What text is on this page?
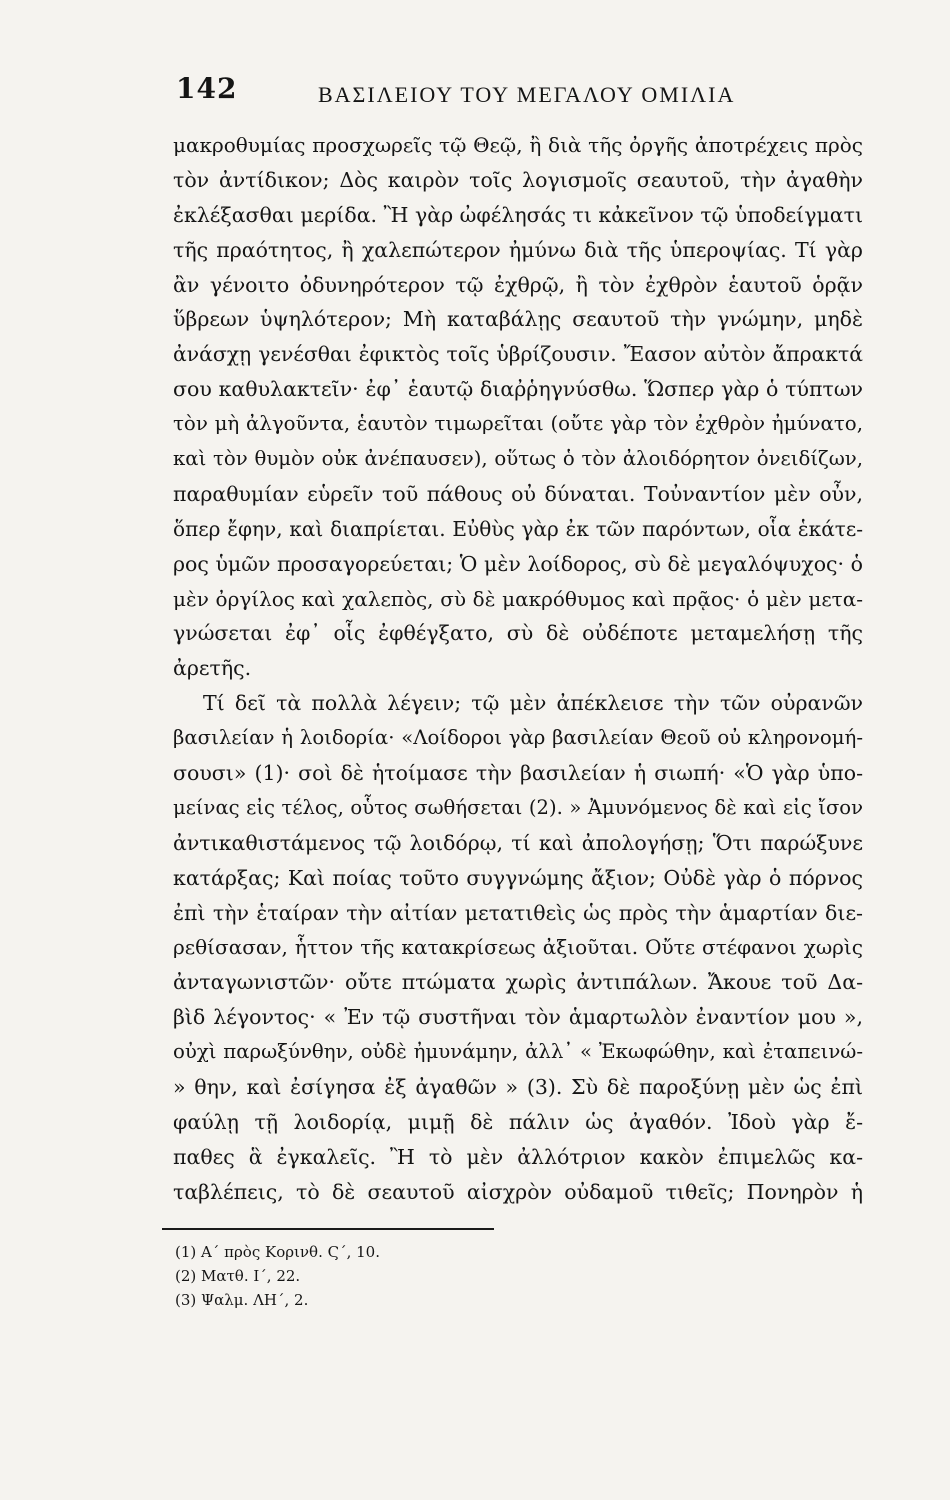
142	ΒΑΣΙΛΕΙΟΥ ΤΟΥ ΜΕΓΑΛΟΥ ΟΜΙΛΙΑ
μακροθυμίας προσχωρεῖς τῷ Θεῷ, ἢ διὰ τῆς ὀργῆς ἀποτρέχεις πρὸς
τὸν ἀντίδικον; Δὸς καιρὸν τοῖς λογισμοῖς σεαυτοῦ, τὴν ἀγαθὴν
ἐκλέξασθαι μερίδα. Ἢ γὰρ ὠφέλησάς τι κἀκεῖνον τῷ ὑποδείγματι
τῆς πραότητος, ἢ χαλεπώτερον ἠμύνω διὰ τῆς ὑπεροψίας. Τί γὰρ
ἂν γένοιτο ὀδυνηρότερον τῷ ἐχθρῷ, ἢ τὸν ἐχθρὸν ἑαυτοῦ ὁρᾷν
ὕβρεων ὑψηλότερον; Μὴ καταβάλῃς σεαυτοῦ τὴν γνώμην, μηδὲ
ἀνάσχῃ γενέσθαι ἐφικτὸς τοῖς ὑβρίζουσιν. Ἔασον αὐτὸν ἄπρακτά
σου καθυλακτεῖν· ἐφ᾽ ἑαυτῷ διαῤῥηγνύσθω. Ὥσπερ γὰρ ὁ τύπτων
τὸν μὴ ἀλγοῦντα, ἑαυτὸν τιμωρεῖται (οὔτε γὰρ τὸν ἐχθρὸν ἠμύνατο,
καὶ τὸν θυμὸν οὐκ ἀνέπαυσεν), οὕτως ὁ τὸν ἀλοιδόρητον ὀνειδίζων,
παραθυμίαν εὑρεῖν τοῦ πάθους οὐ δύναται. Τοὐναντίον μὲν οὖν,
ὅπερ ἔφην, καὶ διαπρίεται. Εὐθὺς γὰρ ἐκ τῶν παρόντων, οἷα ἑκάτε-
ρος ὑμῶν προσαγορεύεται; Ὁ μὲν λοίδορος, σὺ δὲ μεγαλόψυχος· ὁ
μὲν ὀργίλος καὶ χαλεπὸς, σὺ δὲ μακρόθυμος καὶ πρᾷος· ὁ μὲν μετα-
γνώσεται ἐφ᾽ οἷς ἐφθέγξατο, σὺ δὲ οὐδέποτε μεταμελήσῃ τῆς
ἀρετῆς.
Τί δεῖ τὰ πολλὰ λέγειν; τῷ μὲν ἀπέκλεισε τὴν τῶν οὐρανῶν
βασιλείαν ἡ λοιδορία· «Λοίδοροι γὰρ βασιλείαν Θεοῦ οὐ κληρονομή-
σουσι» (1)· σοὶ δὲ ἡτοίμασε τὴν βασιλείαν ἡ σιωπή· «Ὁ γὰρ ὑπο-
μείνας εἰς τέλος, οὗτος σωθήσεται (2). » Ἀμυνόμενος δὲ καὶ εἰς ἴσον
ἀντικαθιστάμενος τῷ λοιδόρῳ, τί καὶ ἀπολογήσῃ; Ὅτι παρώξυνε
κατάρξας; Καὶ ποίας τοῦτο συγγνώμης ἄξιον; Οὐδὲ γὰρ ὁ πόρνος
ἐπὶ τὴν ἑταίραν τὴν αἰτίαν μετατιθεὶς ὡς πρὸς τὴν ἁμαρτίαν διε-
ρεθίσασαν, ἧττον τῆς κατακρίσεως ἀξιοῦται. Οὔτε στέφανοι χωρὶς
ἀνταγωνιστῶν· οὔτε πτώματα χωρὶς ἀντιπάλων. Ἄκουε τοῦ Δα-
βὶδ λέγοντος· « Ἐν τῷ συστῆναι τὸν ἁμαρτωλὸν ἐναντίον μου »,
οὐχὶ παρωξύνθην, οὐδὲ ἠμυνάμην, ἀλλ᾽ « Ἐκωφώθην, καὶ ἐταπεινώ-
» θην, καὶ ἐσίγησα ἐξ ἀγαθῶν » (3). Σὺ δὲ παροξύνῃ μὲν ὡς ἐπὶ
φαύλῃ τῇ λοιδορίᾳ, μιμῇ δὲ πάλιν ὡς ἀγαθόν. Ἰδοὺ γὰρ ἔ-
παθες ἃ ἐγκαλεῖς. Ἢ τὸ μὲν ἀλλότριον κακὸν ἐπιμελῶς κα-
ταβλέπεις, τὸ δὲ σεαυτοῦ αἰσχρὸν οὐδαμοῦ τιθεῖς; Πονηρὸν ἡ
(1) Α΄ πρὸς Κορινθ. Ϛ΄, 10.
(2) Ματθ. Ι΄, 22.
(3) Ψαλμ. ΛΗ΄, 2.
